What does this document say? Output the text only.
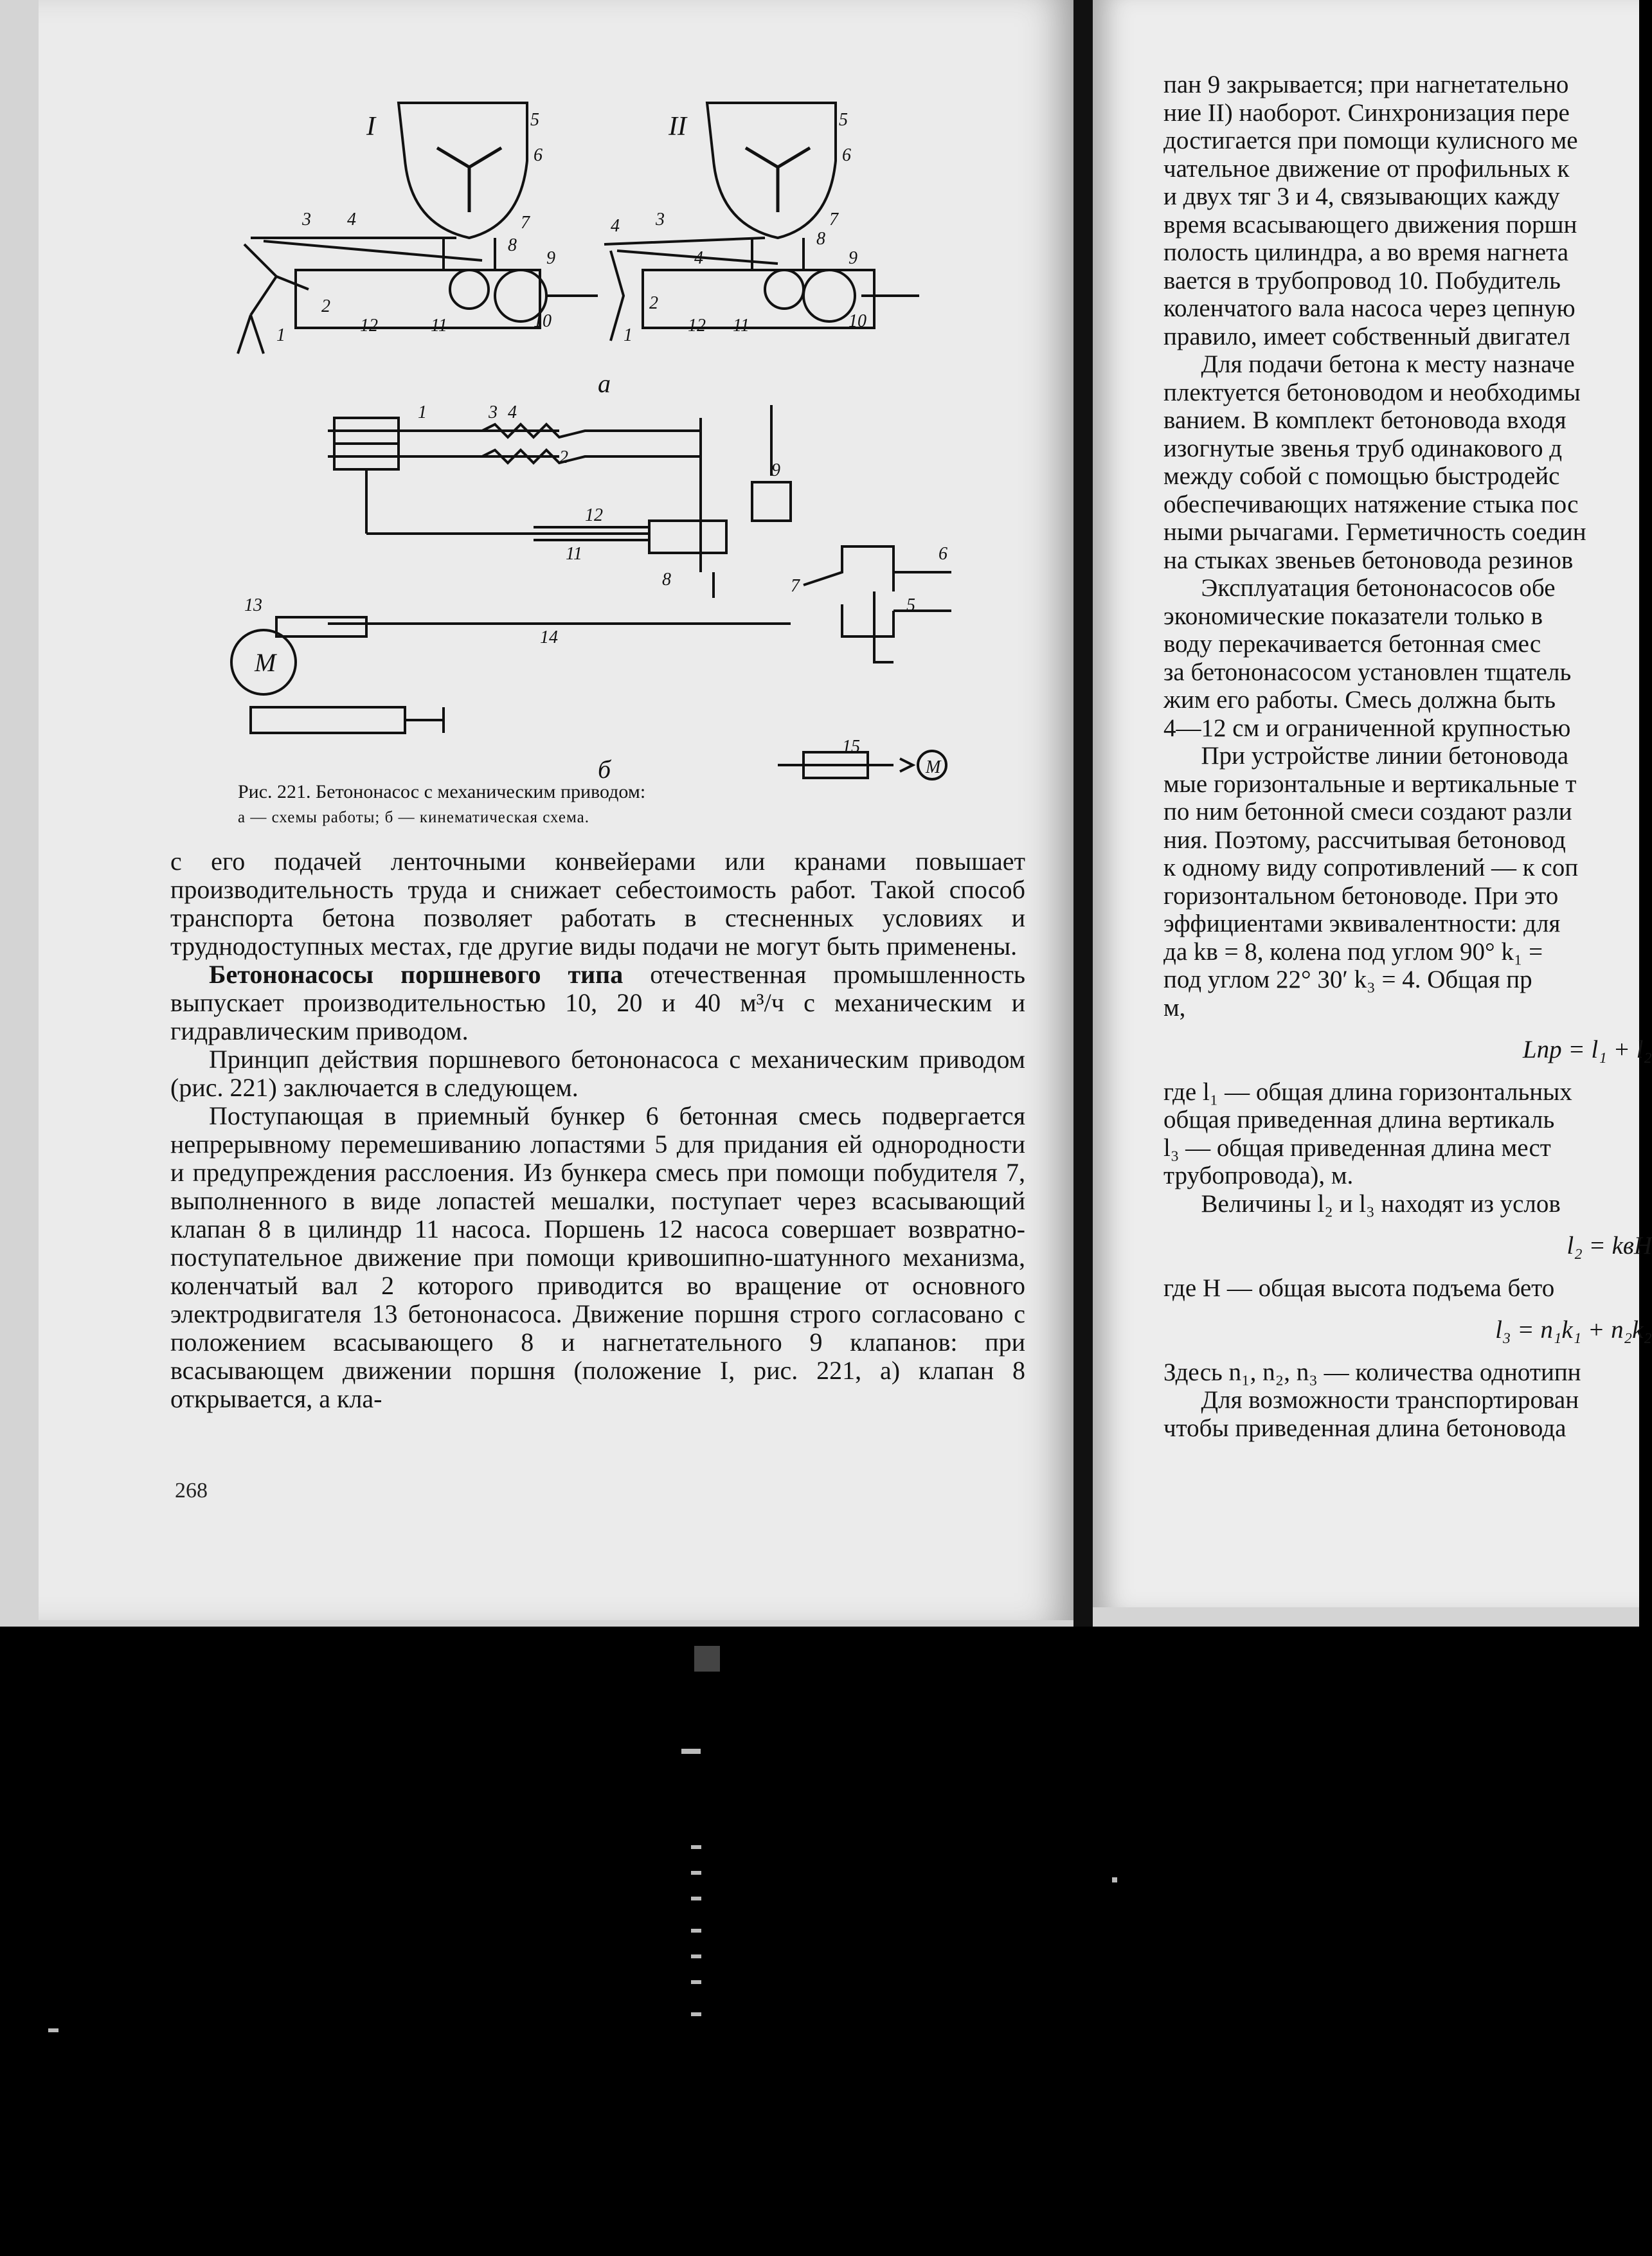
пан 9 закрывается; при нагнетательно
ние II) наоборот. Синхронизация пере
достигается при помощи кулисного ме
чательное движение от профильных к
и двух тяг 3 и 4, связывающих кажду
время всасывающего движения поршн
полость цилиндра, а во время нагнета
вается в трубопровод 10. Побудитель
коленчатого вала насоса через цепную
правило, имеет собственный двигател
  Для подачи бетона к месту назначе
плектуется бетоноводом и необходимы
ванием. В комплект бетоновода входя
изогнутые звенья труб одинакового д
между собой с помощью быстродейс
обеспечивающих натяжение стыка пос
ными рычагами. Герметичность соедин
на стыках звеньев бетоновода резинов
  Эксплуатация бетононасосов обе
экономические показатели только в
воду перекачивается бетонная смес
за бетононасосом установлен тщатель
жим его работы. Смесь должна быть
4—12 см и ограниченной крупностью
  При устройстве линии бетоновода
мые горизонтальные и вертикальные т
по ним бетонной смеси создают разли
ния. Поэтому, рассчитывая бетоновод
к одному виду сопротивлений — к соп
горизонтальном бетоноводе. При это
эффициентами эквивалентности: для
да kв = 8, колена под углом 90° k₁ =
под углом 22° 30′ k₃ = 4. Общая пр
м,
Lпр = l₁ + l₂
где l₁ — общая длина горизонтальных
общая приведенная длина вертикаль
l₃ — общая приведенная длина мест
трубопровода), м.
  Величины l₂ и l₃ находят из услов
l₂ = kвH
где H — общая высота подъема бето
l₃ = n₁k₁ + n₂k₂
Здесь n₁, n₂, n₃ — количества однотипн
  Для возможности транспортирован
чтобы приведенная длина бетоновода
I	II
а
б
M
M
5
6
7
8
9
10
11
12
3 4
2
1
5
6
7
8
9
10
11
12
4 3
4
2
1
1	3 4
2
12
11
9
6
5
7
8
13
14
15
Рис. 221. Бетононасос с механическим приводом:
а — схемы работы; б — кинематическая схема.

с его подачей ленточными конвейерами или кранами повышает производительность труда и снижает себестоимость работ. Такой способ транспорта бетона позволяет работать в стесненных условиях и труднодоступных местах, где другие виды подачи не могут быть применены.

Бетононасосы поршневого типа отечественная промышленность выпускает производительностью 10, 20 и 40 м³/ч с механическим и гидравлическим приводом.

Принцип действия поршневого бетононасоса с механическим приводом (рис. 221) заключается в следующем.

Поступающая в приемный бункер 6 бетонная смесь подвергается непрерывному перемешиванию лопастями 5 для придания ей однородности и предупреждения расслоения. Из бункера смесь при помощи побудителя 7, выполненного в виде лопастей мешалки, поступает через всасывающий клапан 8 в цилиндр 11 насоса. Поршень 12 насоса совершает возвратно-поступательное движение при помощи кривошипно-шатунного механизма, коленчатый вал 2 которого приводится во вращение от основного электродвигателя 13 бетононасоса. Движение поршня строго согласовано с положением всасывающего 8 и нагнетательного 9 клапанов: при всасывающем движении поршня (положение I, рис. 221, а) клапан 8 открывается, а кла-

268
